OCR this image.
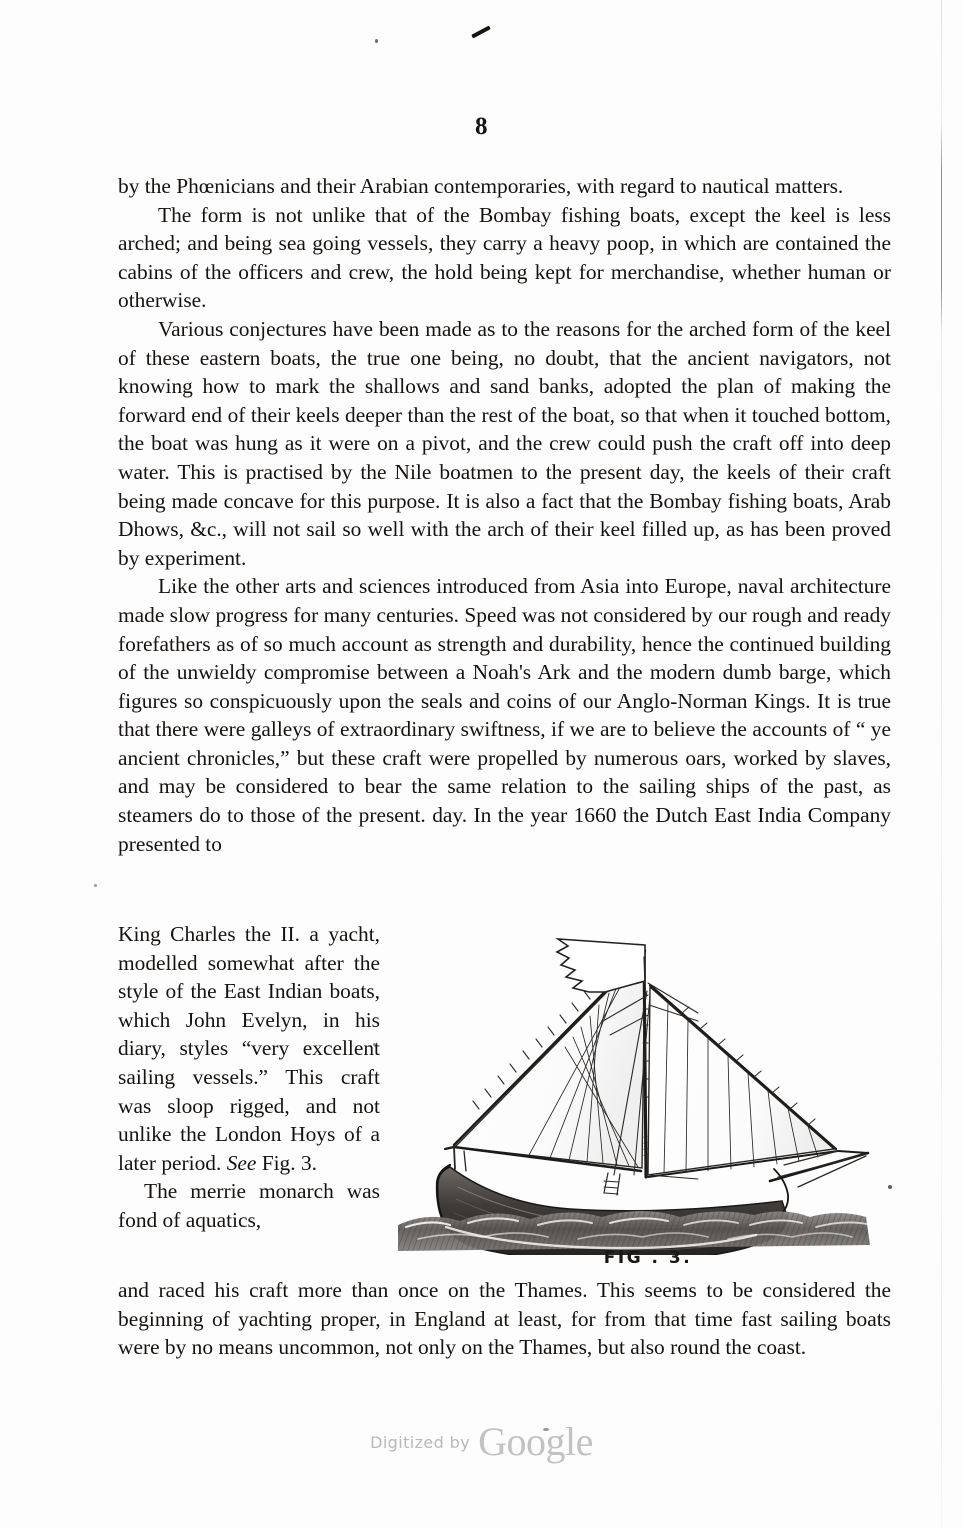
8

by the Phœnicians and their Arabian contemporaries, with regard to nautical matters.

The form is not unlike that of the Bombay fishing boats, except the keel is less arched; and being sea going vessels, they carry a heavy poop, in which are contained the cabins of the officers and crew, the hold being kept for merchandise, whether human or otherwise.

Various conjectures have been made as to the reasons for the arched form of the keel of these eastern boats, the true one being, no doubt, that the ancient navigators, not knowing how to mark the shallows and sand banks, adopted the plan of making the forward end of their keels deeper than the rest of the boat, so that when it touched bottom, the boat was hung as it were on a pivot, and the crew could push the craft off into deep water. This is practised by the Nile boatmen to the present day, the keels of their craft being made concave for this purpose. It is also a fact that the Bombay fishing boats, Arab Dhows, &c., will not sail so well with the arch of their keel filled up, as has been proved by experiment.

Like the other arts and sciences introduced from Asia into Europe, naval architecture made slow progress for many centuries. Speed was not considered by our rough and ready forefathers as of so much account as strength and durability, hence the continued building of the unwieldy compromise between a Noah's Ark and the modern dumb barge, which figures so conspicuously upon the seals and coins of our Anglo-Norman Kings. It is true that there were galleys of extraordinary swiftness, if we are to believe the accounts of “ ye ancient chronicles,” but these craft were propelled by numerous oars, worked by slaves, and may be considered to bear the same relation to the sailing ships of the past, as steamers do to those of the present. day. In the year 1660 the Dutch East India Company presented to

King Charles the II. a yacht, modelled somewhat after the style of the East Indian boats, which John Evelyn, in his diary, styles “very excellent sailing vessels.” This craft was sloop rigged, and not unlike the London Hoys of a later period. See Fig. 3.

The merrie monarch was fond of aquatics,

FIG . 3.

and raced his craft more than once on the Thames. This seems to be considered the beginning of yachting proper, in England at least, for from that time fast sailing boats were by no means uncommon, not only on the Thames, but also round the coast.

Digitized by Google
